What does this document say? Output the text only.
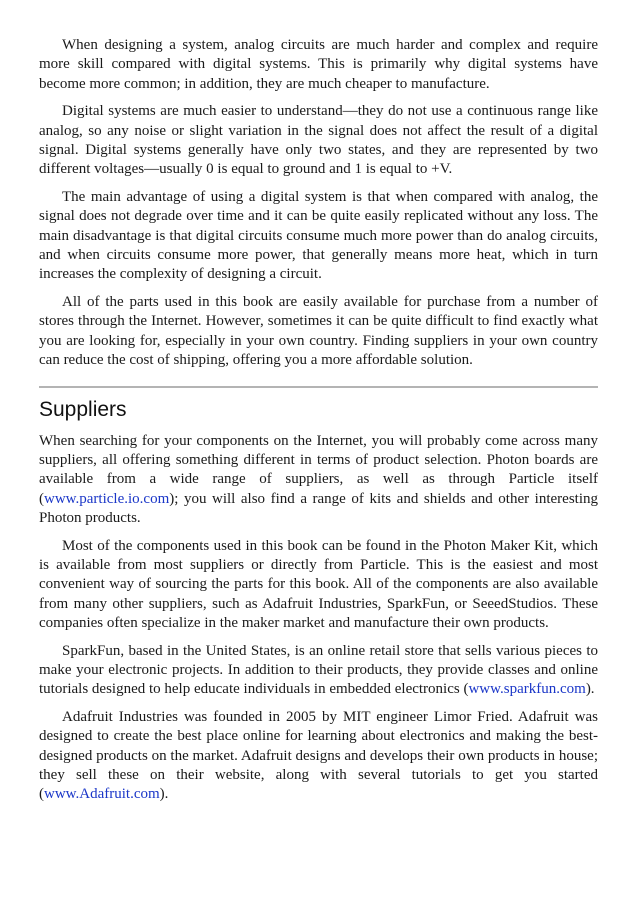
When designing a system, analog circuits are much harder and complex and require more skill compared with digital systems. This is primarily why digital systems have become more common; in addition, they are much cheaper to manufacture.

Digital systems are much easier to understand—they do not use a continuous range like analog, so any noise or slight variation in the signal does not affect the result of a digital signal. Digital systems generally have only two states, and they are represented by two different voltages—usually 0 is equal to ground and 1 is equal to +V.

The main advantage of using a digital system is that when compared with analog, the signal does not degrade over time and it can be quite easily replicated without any loss. The main disadvantage is that digital circuits consume much more power than do analog circuits, and when circuits consume more power, that generally means more heat, which in turn increases the complexity of designing a circuit.

All of the parts used in this book are easily available for purchase from a number of stores through the Internet. However, sometimes it can be quite difficult to find exactly what you are looking for, especially in your own country. Finding suppliers in your own country can reduce the cost of shipping, offering you a more affordable solution.

Suppliers

When searching for your components on the Internet, you will probably come across many suppliers, all offering something different in terms of product selection. Photon boards are available from a wide range of suppliers, as well as through Particle itself (www.particle.io.com); you will also find a range of kits and shields and other interesting Photon products.

Most of the components used in this book can be found in the Photon Maker Kit, which is available from most suppliers or directly from Particle. This is the easiest and most convenient way of sourcing the parts for this book. All of the components are also available from many other suppliers, such as Adafruit Industries, SparkFun, or SeeedStudios. These companies often specialize in the maker market and manufacture their own products.

SparkFun, based in the United States, is an online retail store that sells various pieces to make your electronic projects. In addition to their products, they provide classes and online tutorials designed to help educate individuals in embedded electronics (www.sparkfun.com).

Adafruit Industries was founded in 2005 by MIT engineer Limor Fried. Adafruit was designed to create the best place online for learning about electronics and making the bestdesigned products on the market. Adafruit designs and develops their own products in house; they sell these on their website, along with several tutorials to get you started (www.Adafruit.com).
